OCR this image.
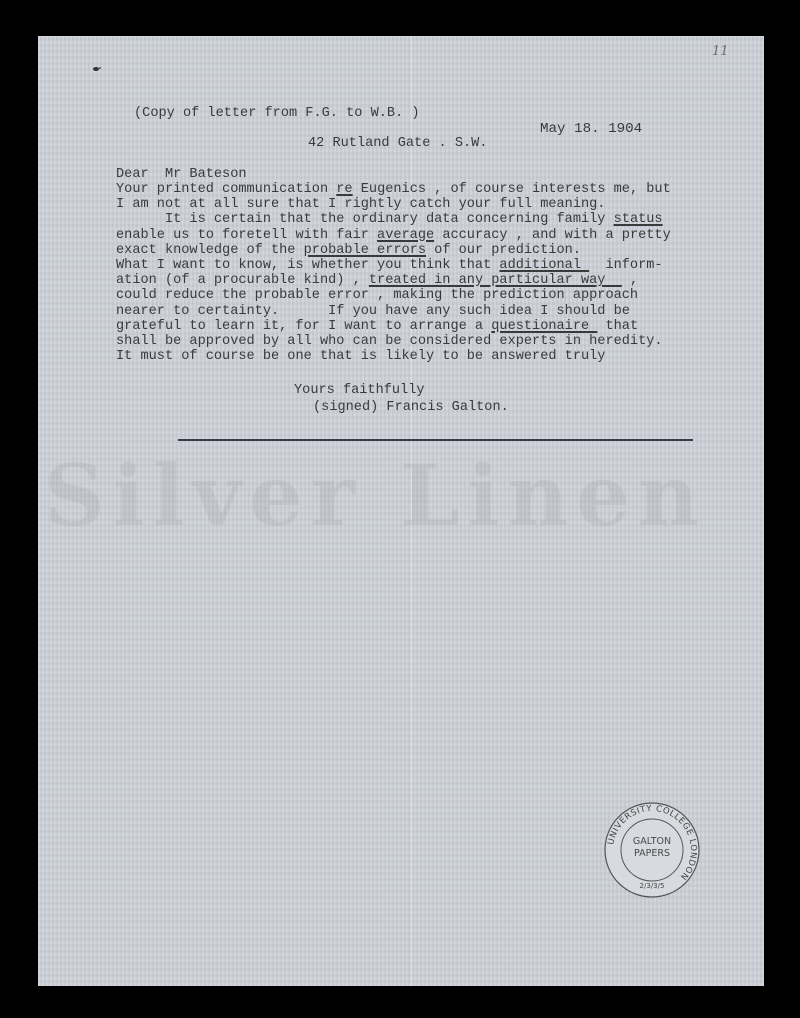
Silver Linen
11
(Copy of letter from F.G. to W.B. )
May 18. 1904
42 Rutland Gate . S.W.
Dear  Mr Bateson
Your printed communication re Eugenics , of course interests me, but
I am not at all sure that I rightly catch your full meaning.
It is certain that the ordinary data concerning family status
enable us to foretell with fair average accuracy , and with a pretty
exact knowledge of the probable errors of our prediction.
What I want to know, is whether you think that additional   inform-
ation (of a procurable kind) , treated in any particular way   ,
could reduce the probable error , making the prediction approach
nearer to certainty.      If you have any such idea I should be
grateful to learn it, for I want to arrange a questionaire  that
shall be approved by all who can be considered experts in heredity.
It must of course be one that is likely to be answered truly
Yours faithfully
(signed) Francis Galton.
UNIVERSITY COLLEGE LONDON
2/3/3/5
GALTON
PAPERS
